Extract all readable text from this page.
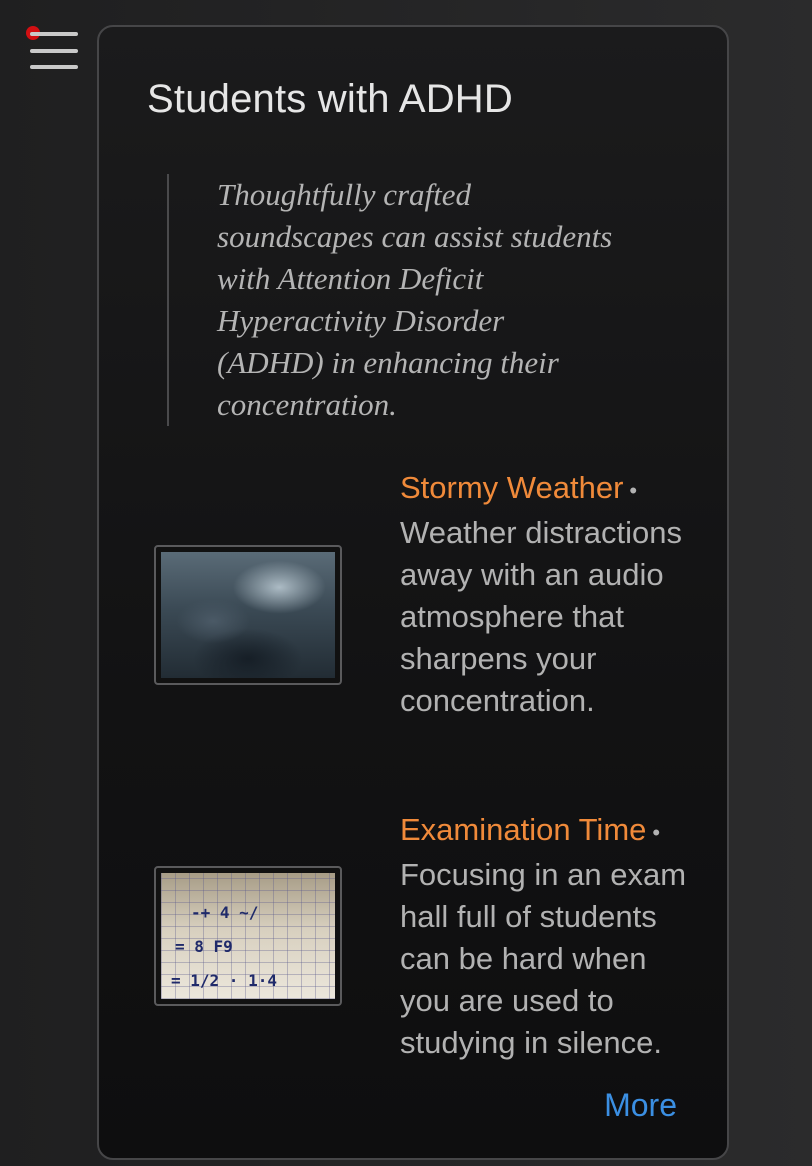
Students with ADHD

Thoughtfully crafted soundscapes can assist students with Attention Deficit Hyperactivity Disorder (ADHD) in enhancing their concentration.

Stormy Weather •
Weather distractions away with an audio atmosphere that sharpens your concentration.
-+ 4 ~/
= 8 F9
= 1/2 · 1·4
Examination Time •
Focusing in an exam hall full of students can be hard when you are used to studying in silence.
More
